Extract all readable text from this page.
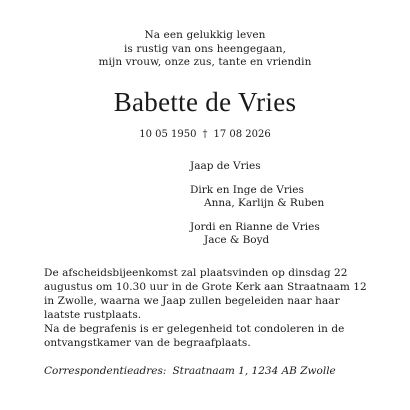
Na een gelukkig leven
is rustig van ons heengegaan,
mijn vrouw, onze zus, tante en vriendin
Babette de Vries
10 05 1950 † 17 08 2026
Jaap de Vries
Dirk en Inge de Vries
Anna, Karlijn & Ruben
Jordi en Rianne de Vries
Jace & Boyd
De afscheidsbijeenkomst zal plaatsvinden op dinsdag 22 augustus om 10.30 uur in de Grote Kerk aan Straatnaam 12 in Zwolle, waarna we Jaap zullen begeleiden naar haar laatste rustplaats.
Na de begrafenis is er gelegenheid tot condoleren in de ontvangstkamer van de begraafplaats.
Correspondentieadres: Straatnaam 1, 1234 AB Zwolle
